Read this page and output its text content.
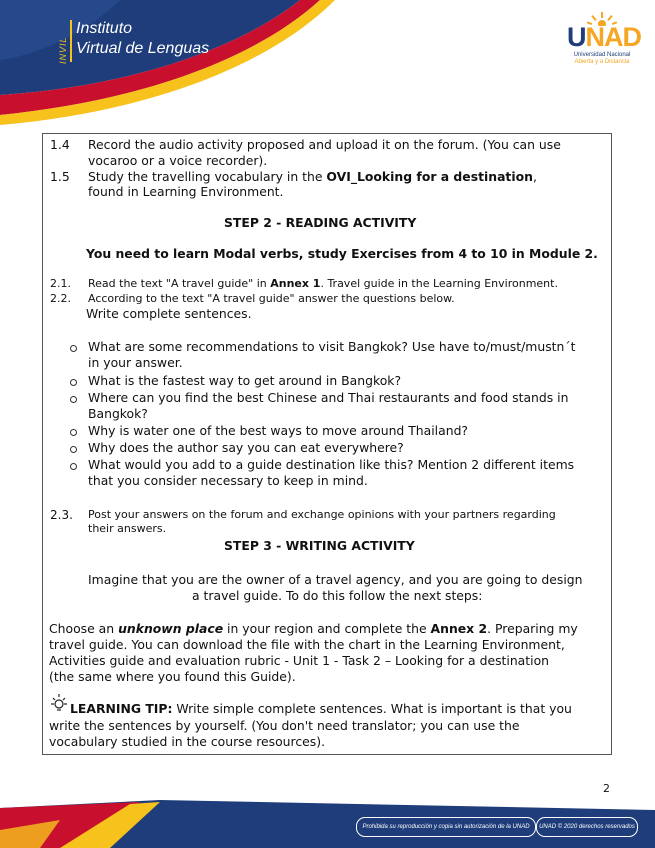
INVIL
Instituto
Virtual de Lenguas	UNAD
Universidad Nacional
Abierta y a Distancia
1.4 Record the audio activity proposed and upload it on the forum. (You can use
vocaroo or a voice recorder).
1.5 Study the travelling vocabulary in the OVI_Looking for a destination,
found in Learning Environment.
STEP 2 - READING ACTIVITY
You need to learn Modal verbs, study Exercises from 4 to 10 in Module 2.
2.1. Read the text "A travel guide" in Annex 1. Travel guide in the Learning Environment.
2.2. According to the text "A travel guide" answer the questions below.
Write complete sentences.
What are some recommendations to visit Bangkok? Use have to/must/mustn´t
in your answer.
What is the fastest way to get around in Bangkok?
Where can you find the best Chinese and Thai restaurants and food stands in
Bangkok?
Why is water one of the best ways to move around Thailand?
Why does the author say you can eat everywhere?
What would you add to a guide destination like this? Mention 2 different items
that you consider necessary to keep in mind.
2.3. Post your answers on the forum and exchange opinions with your partners regarding
their answers.
STEP 3 - WRITING ACTIVITY
Imagine that you are the owner of a travel agency, and you are going to design
a travel guide. To do this follow the next steps:
Choose an unknown place in your region and complete the Annex 2. Preparing my
travel guide. You can download the file with the chart in the Learning Environment,
Activities guide and evaluation rubric - Unit 1 - Task 2 – Looking for a destination
(the same where you found this Guide).
LEARNING TIP: Write simple complete sentences. What is important is that you
write the sentences by yourself. (You don't need translator; you can use the
vocabulary studied in the course resources).
2
Prohibida su reproducción y copia sin autorización de la UNAD	UNAD © 2020 derechos reservados
